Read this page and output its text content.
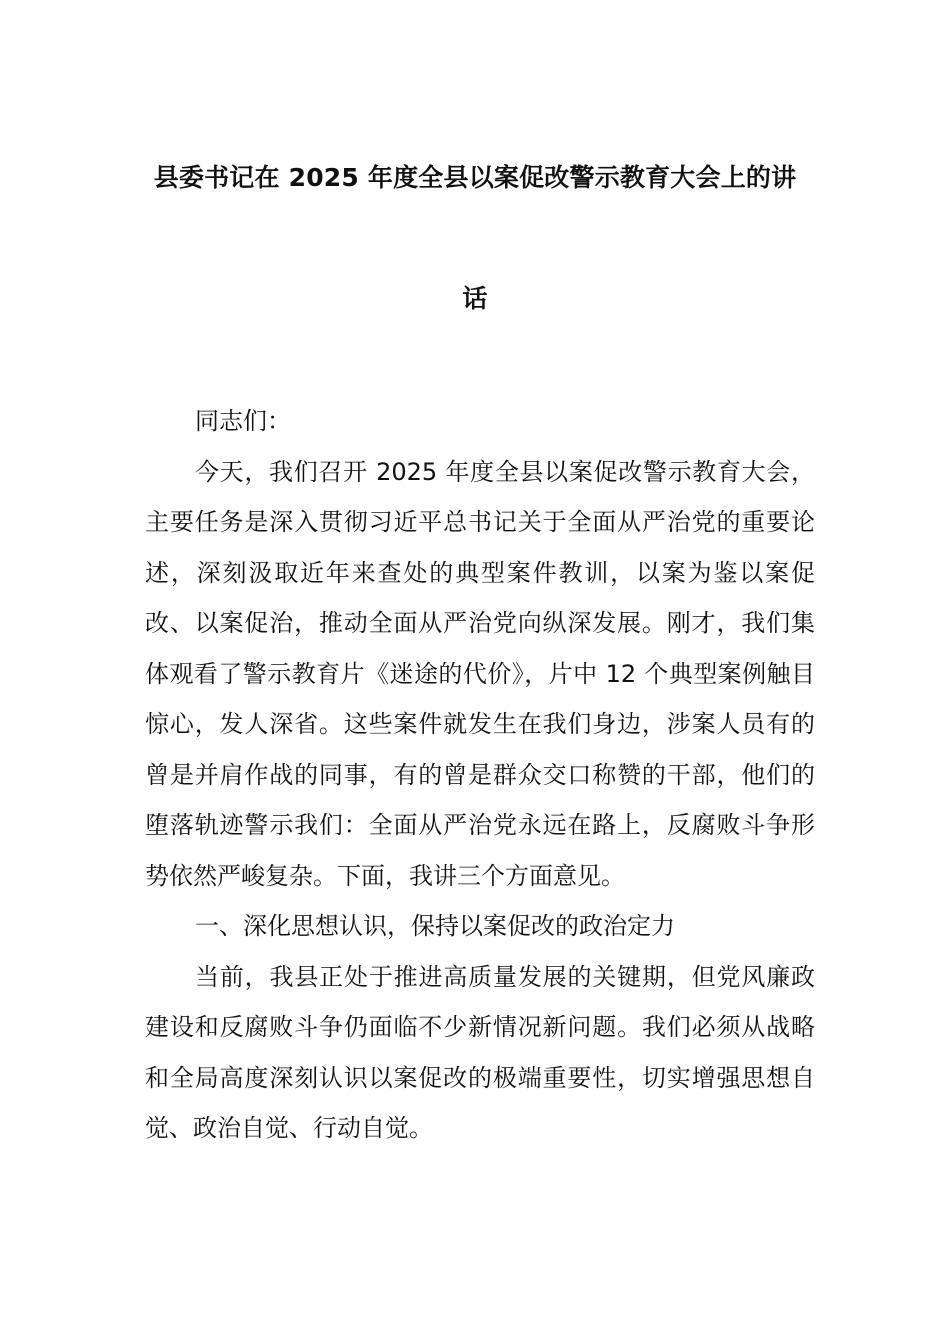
县委书记在 2025 年度全县以案促改警示教育大会上的讲
话

同志们：

今天，我们召开 2025 年度全县以案促改警示教育大会，主要任务是深入贯彻习近平总书记关于全面从严治党的重要论述，深刻汲取近年来查处的典型案件教训，以案为鉴以案促改、以案促治，推动全面从严治党向纵深发展。刚才，我们集体观看了警示教育片《迷途的代价》，片中 12 个典型案例触目惊心，发人深省。这些案件就发生在我们身边，涉案人员有的曾是并肩作战的同事，有的曾是群众交口称赞的干部，他们的堕落轨迹警示我们：全面从严治党永远在路上，反腐败斗争形势依然严峻复杂。下面，我讲三个方面意见。

一、深化思想认识，保持以案促改的政治定力

当前，我县正处于推进高质量发展的关键期，但党风廉政建设和反腐败斗争仍面临不少新情况新问题。我们必须从战略和全局高度深刻认识以案促改的极端重要性，切实增强思想自觉、政治自觉、行动自觉。
